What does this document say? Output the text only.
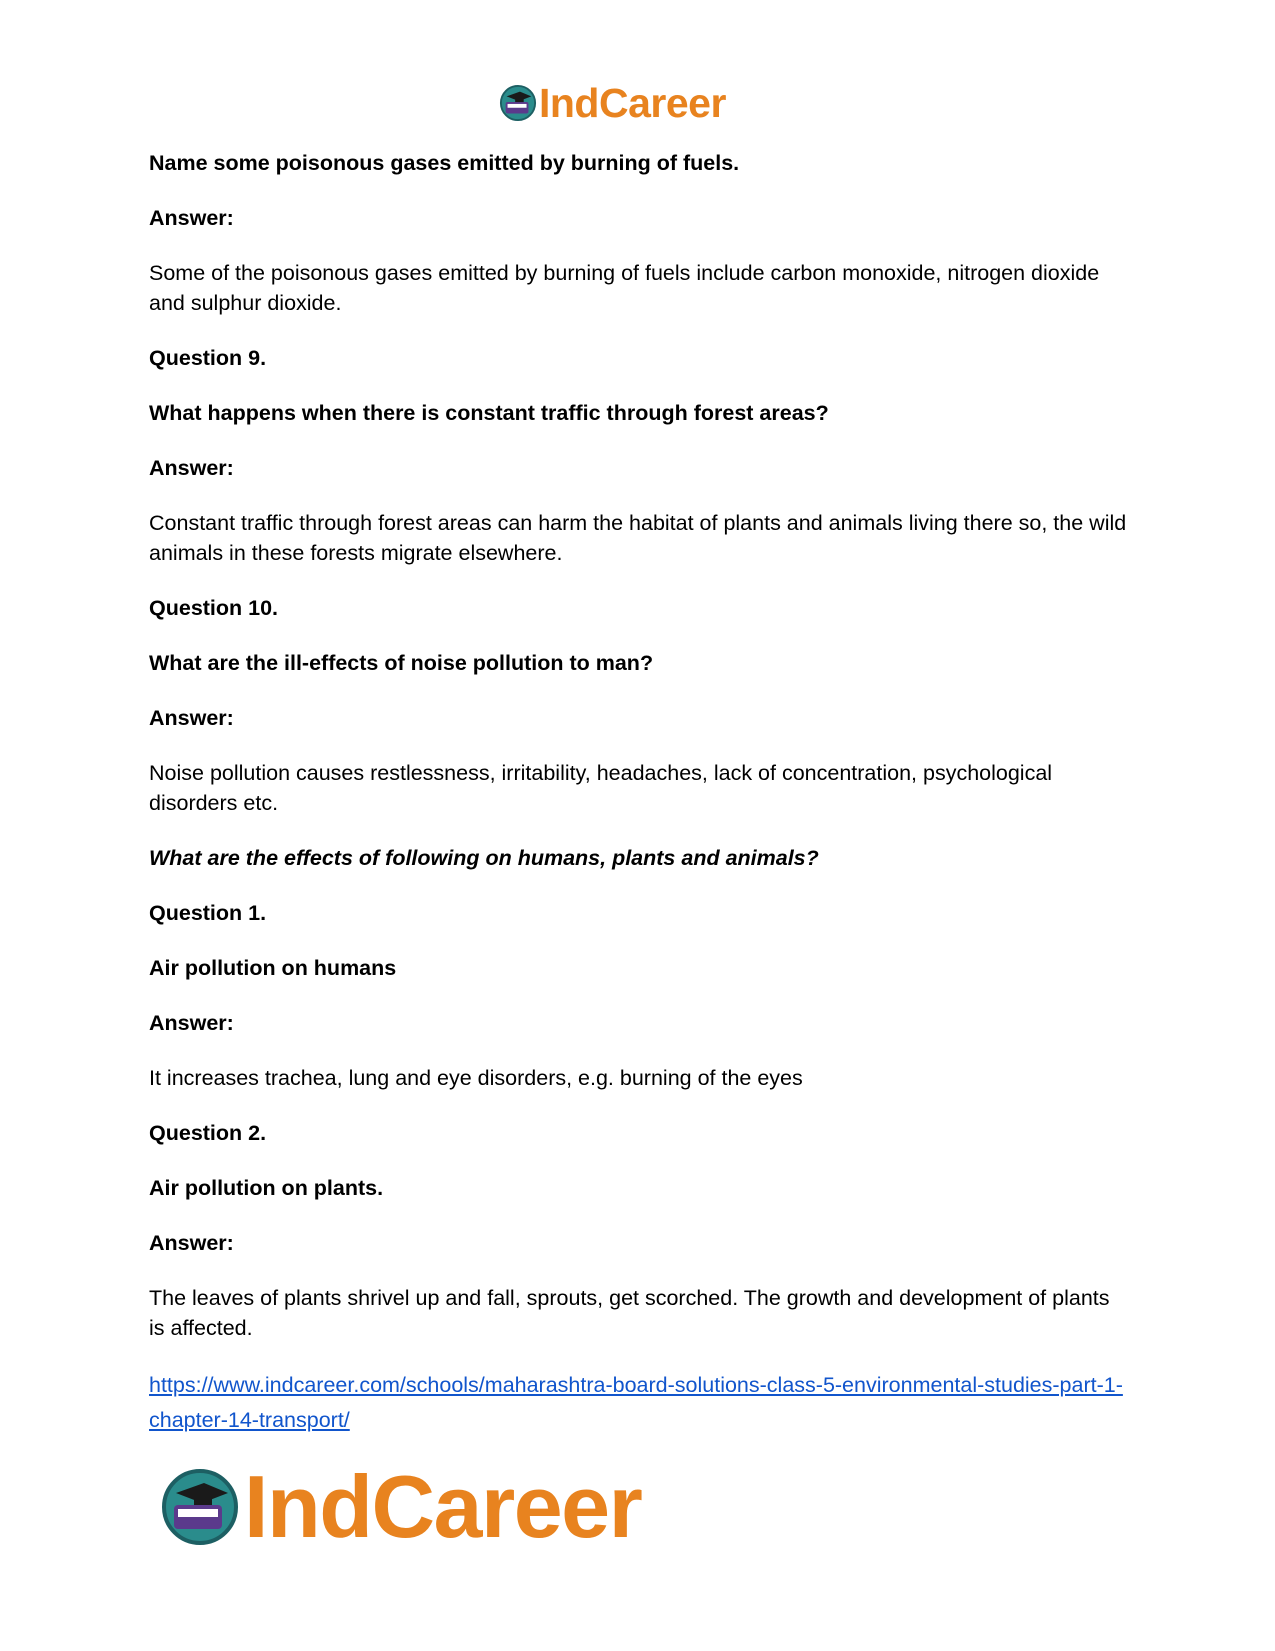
IndCareer

Name some poisonous gases emitted by burning of fuels.

Answer:

Some of the poisonous gases emitted by burning of fuels include carbon monoxide, nitrogen dioxide and sulphur dioxide.

Question 9.

What happens when there is constant traffic through forest areas?

Answer:

Constant traffic through forest areas can harm the habitat of plants and animals living there so, the wild animals in these forests migrate elsewhere.

Question 10.

What are the ill-effects of noise pollution to man?

Answer:

Noise pollution causes restlessness, irritability, headaches, lack of concentration, psychological disorders etc.

What are the effects of following on humans, plants and animals?

Question 1.

Air pollution on humans

Answer:

It increases trachea, lung and eye disorders, e.g. burning of the eyes

Question 2.

Air pollution on plants.

Answer:

The leaves of plants shrivel up and fall, sprouts, get scorched. The growth and development of plants is affected.

https://www.indcareer.com/schools/maharashtra-board-solutions-class-5-environmental-studies-part-1-chapter-14-transport/
IndCareer
